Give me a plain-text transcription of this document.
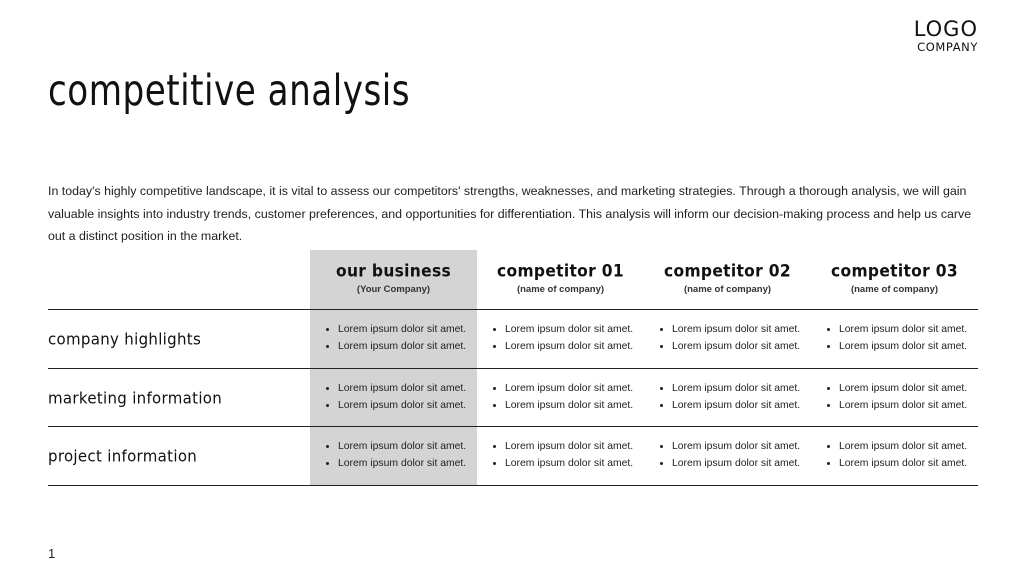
LOGO
COMPANY
competitive analysis
In today's highly competitive landscape, it is vital to assess our competitors' strengths, weaknesses, and marketing strategies. Through a thorough analysis, we will gain valuable insights into industry trends, customer preferences, and opportunities for differentiation. This analysis will inform our decision-making process and help us carve out a distinct position in the market.

our business
(Your Company)

competitor 01
(name of company)

competitor 02
(name of company)

competitor 03
(name of company)

company highlights	
•Lorem ipsum dolor sit amet.
• Lorem ipsum dolor sit amet.

• Lorem ipsum dolor sit amet.
• Lorem ipsum dolor sit amet.

• Lorem ipsum dolor sit amet.
• Lorem ipsum dolor sit amet.

• Lorem ipsum dolor sit amet.
• Lorem ipsum dolor sit amet.

marketing information	
•Lorem ipsum dolor sit amet.
• Lorem ipsum dolor sit amet.

• Lorem ipsum dolor sit amet.
• Lorem ipsum dolor sit amet.

• Lorem ipsum dolor sit amet.
• Lorem ipsum dolor sit amet.

• Lorem ipsum dolor sit amet.
• Lorem ipsum dolor sit amet.

project information	
•Lorem ipsum dolor sit amet.
• Lorem ipsum dolor sit amet.

• Lorem ipsum dolor sit amet.
• Lorem ipsum dolor sit amet.

• Lorem ipsum dolor sit amet.
• Lorem ipsum dolor sit amet.

• Lorem ipsum dolor sit amet.
• Lorem ipsum dolor sit amet.
1
